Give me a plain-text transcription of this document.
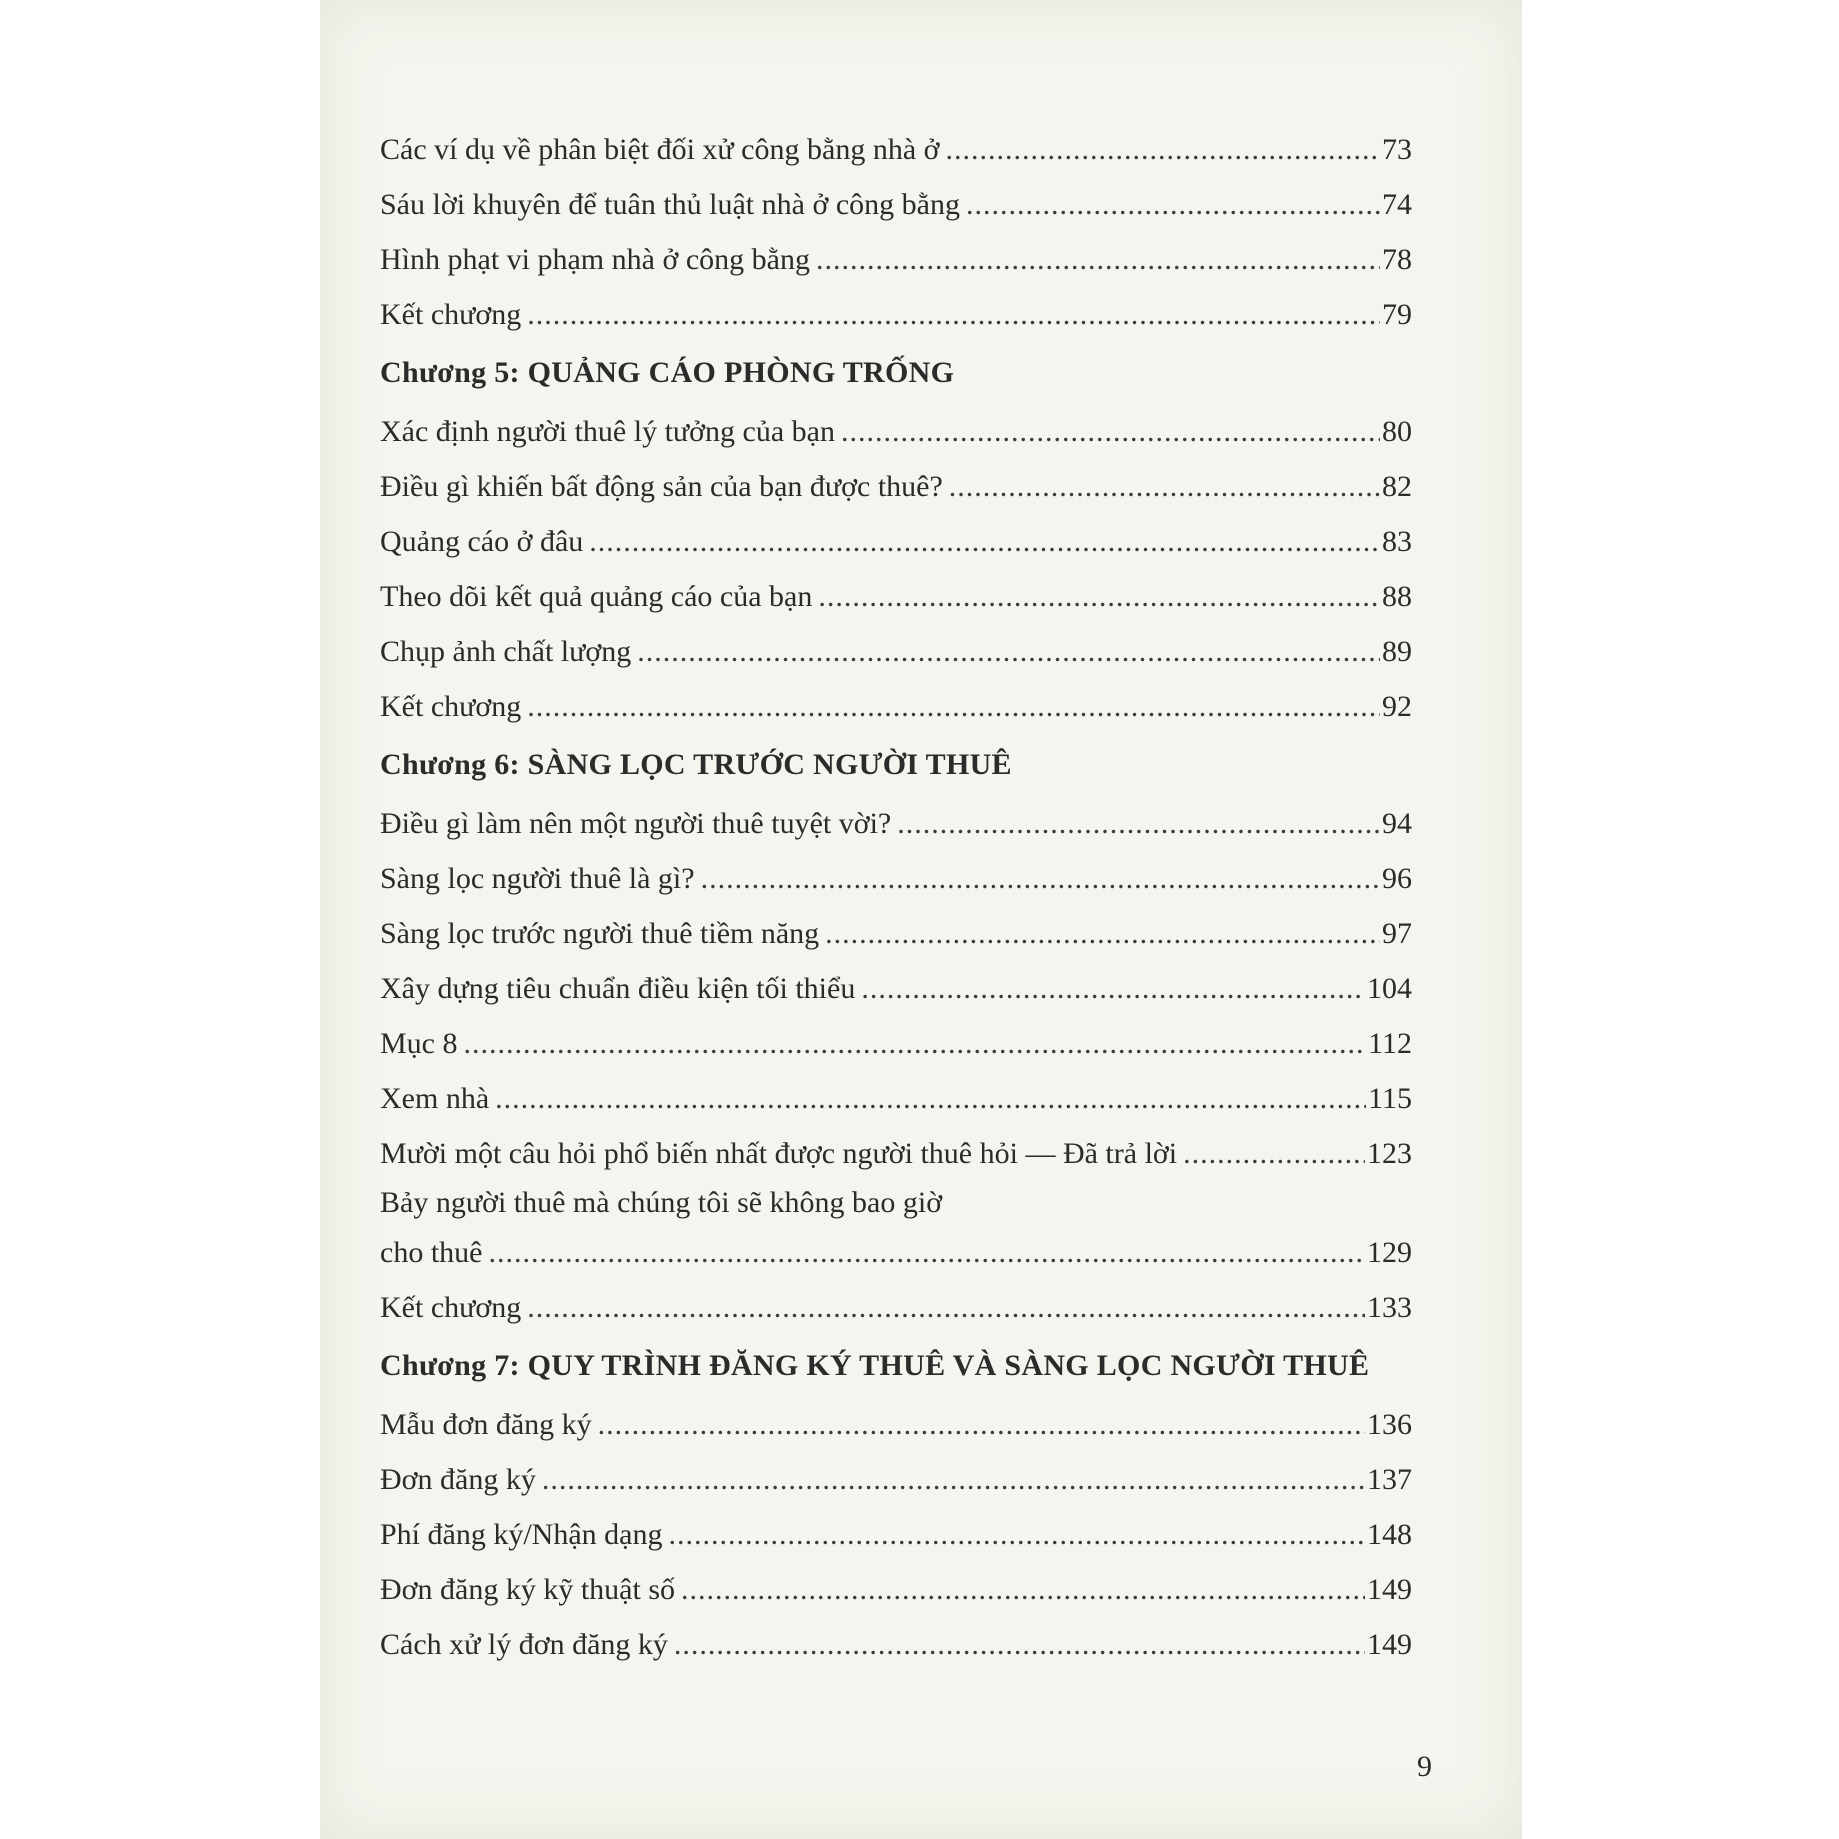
Các ví dụ về phân biệt đối xử công bằng nhà ở .....	73
Sáu lời khuyên để tuân thủ luật nhà ở công bằng .....	74
Hình phạt vi phạm nhà ở công bằng .....	78
Kết chương .....	79
Chương 5: QUẢNG CÁO PHÒNG TRỐNG
Xác định người thuê lý tưởng của bạn .....	80
Điều gì khiến bất động sản của bạn được thuê? .....	82
Quảng cáo ở đâu .....	83
Theo dõi kết quả quảng cáo của bạn .....	88
Chụp ảnh chất lượng .....	89
Kết chương .....	92
Chương 6: SÀNG LỌC TRƯỚC NGƯỜI THUÊ
Điều gì làm nên một người thuê tuyệt vời? .....	94
Sàng lọc người thuê là gì? .....	96
Sàng lọc trước người thuê tiềm năng .....	97
Xây dựng tiêu chuẩn điều kiện tối thiểu .....	104
Mục 8 .....	112
Xem nhà .....	115
Mười một câu hỏi phổ biến nhất được người thuê hỏi — Đã trả lời .....	123
Bảy người thuê mà chúng tôi sẽ không bao giờ
cho thuê .....	129
Kết chương .....	133
Chương 7: QUY TRÌNH ĐĂNG KÝ THUÊ VÀ SÀNG LỌC NGƯỜI THUÊ
Mẫu đơn đăng ký .....	136
Đơn đăng ký .....	137
Phí đăng ký/Nhận dạng .....	148
Đơn đăng ký kỹ thuật số .....	149
Cách xử lý đơn đăng ký .....	149
9
